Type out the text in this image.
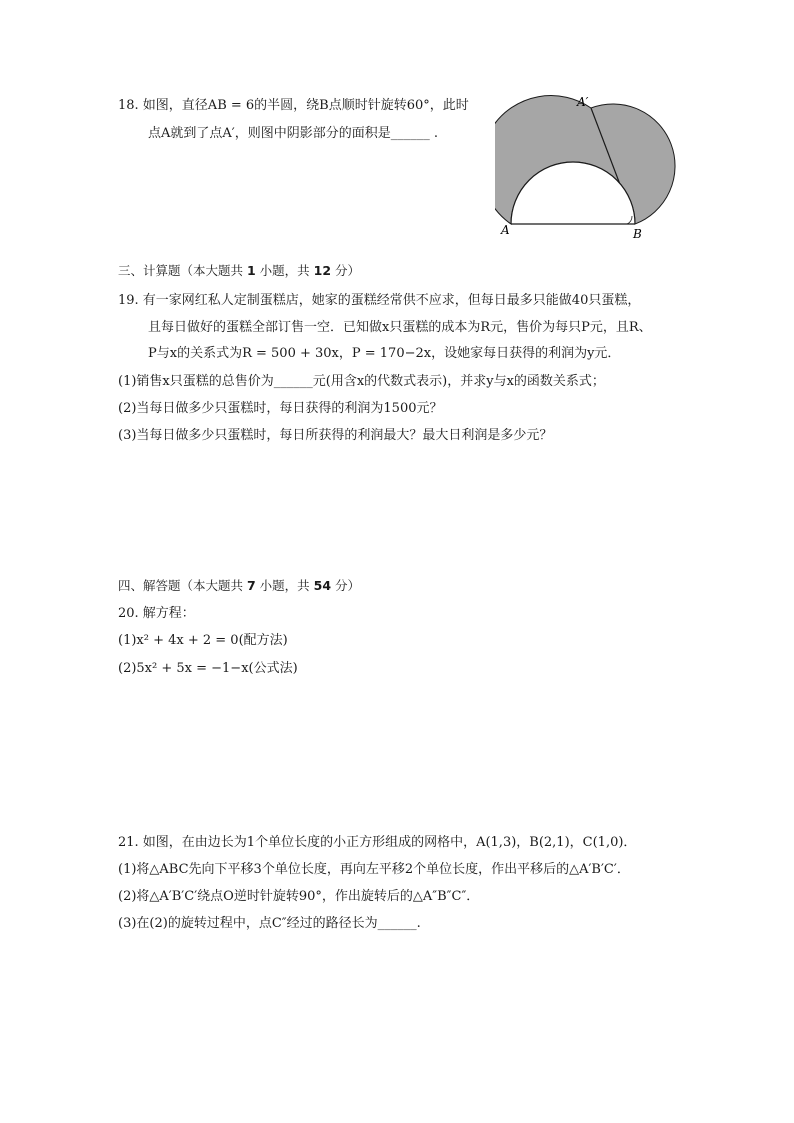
18. 如图，直径AB = 6的半圆，绕B点顺时针旋转60°，此时
点A就到了点A′，则图中阴影部分的面积是______ .
A	B
A′
三、计算题（本大题共 1 小题，共 12 分）
19. 有一家网红私人定制蛋糕店，她家的蛋糕经常供不应求，但每日最多只能做40只蛋糕，
且每日做好的蛋糕全部订售一空．已知做x只蛋糕的成本为R元，售价为每只P元，且R、
P与x的关系式为R = 500 + 30x，P = 170−2x，设她家每日获得的利润为y元．
(1)销售x只蛋糕的总售价为______元(用含x的代数式表示)，并求y与x的函数关系式；
(2)当每日做多少只蛋糕时，每日获得的利润为1500元？
(3)当每日做多少只蛋糕时，每日所获得的利润最大？最大日利润是多少元？
四、解答题（本大题共 7 小题，共 54 分）
20. 解方程：
(1)x² + 4x + 2 = 0(配方法)
(2)5x² + 5x = −1−x(公式法)
21. 如图，在由边长为1个单位长度的小正方形组成的网格中，A(1,3)，B(2,1)，C(1,0)．
(1)将△ABC先向下平移3个单位长度，再向左平移2个单位长度，作出平移后的△A′B′C′．
(2)将△A′B′C′绕点O逆时针旋转90°，作出旋转后的△A″B″C″．
(3)在(2)的旋转过程中，点C″经过的路径长为______.
